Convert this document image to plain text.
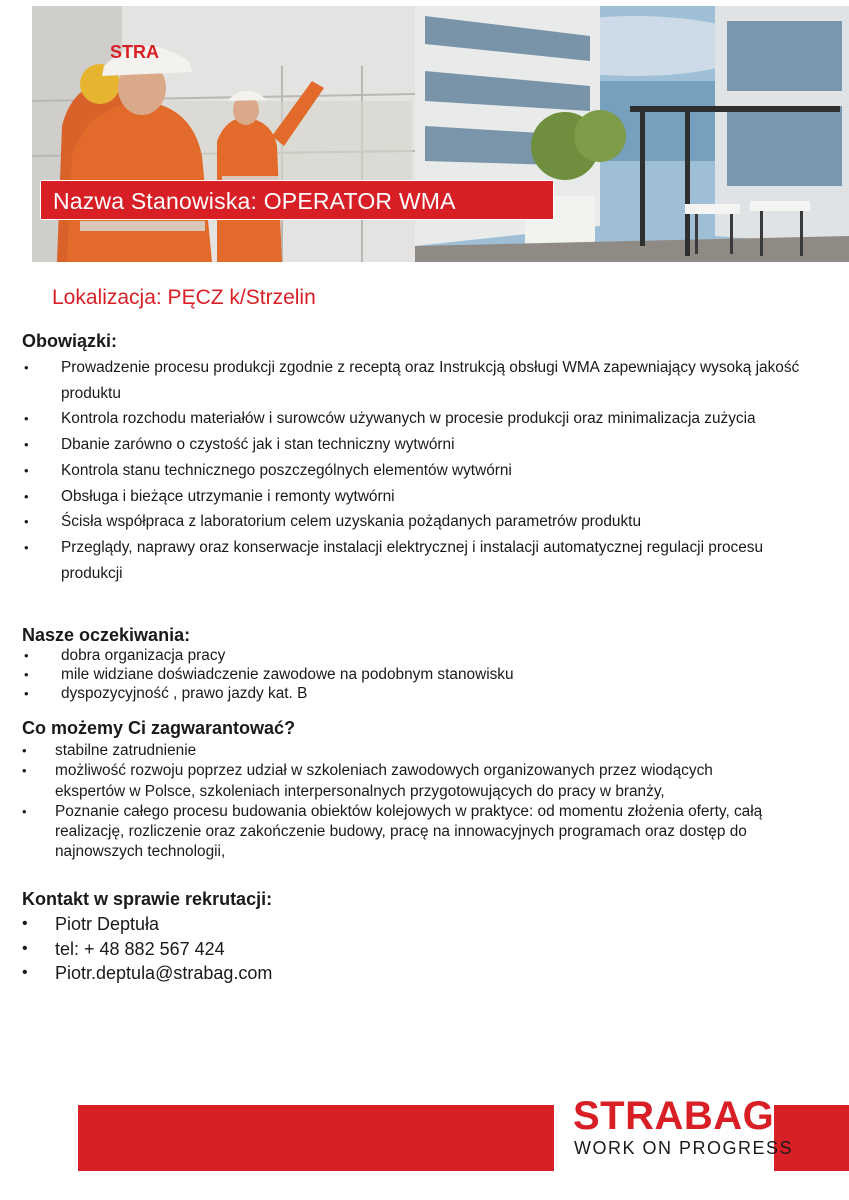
STRA
Nazwa Stanowiska: OPERATOR WMA
Lokalizacja: PĘCZ k/Strzelin
Obowiązki:
• Prowadzenie procesu produkcji zgodnie z receptą oraz Instrukcją obsługi WMA zapewniający wysoką jakość produktu
• Kontrola rozchodu materiałów i surowców używanych w procesie produkcji oraz minimalizacja zużycia
• Dbanie zarówno o czystość jak i stan techniczny wytwórni
• Kontrola stanu technicznego poszczególnych elementów wytwórni
• Obsługa i bieżące utrzymanie i remonty wytwórni
• Ścisła współpraca z laboratorium celem uzyskania pożądanych parametrów produktu
• Przeglądy, naprawy oraz konserwacje instalacji elektrycznej i instalacji automatycznej regulacji procesu produkcji
Nasze oczekiwania:
• dobra organizacja pracy
• mile widziane doświadczenie zawodowe na podobnym stanowisku
• dyspozycyjność , prawo jazdy kat. B
Co możemy Ci zagwarantować?
• stabilne zatrudnienie
• możliwość rozwoju poprzez udział w szkoleniach zawodowych organizowanych przez wiodących ekspertów w Polsce, szkoleniach interpersonalnych przygotowujących do pracy w branży,
• Poznanie całego procesu budowania obiektów kolejowych w praktyce: od momentu złożenia oferty, całą realizację, rozliczenie oraz zakończenie budowy, pracę na innowacyjnych programach oraz dostęp do najnowszych technologii,
Kontakt w sprawie rekrutacji:
• Piotr Deptuła
• tel: + 48 882 567 424
• Piotr.deptula@strabag.com
STRABAG
WORK ON PROGRESS
